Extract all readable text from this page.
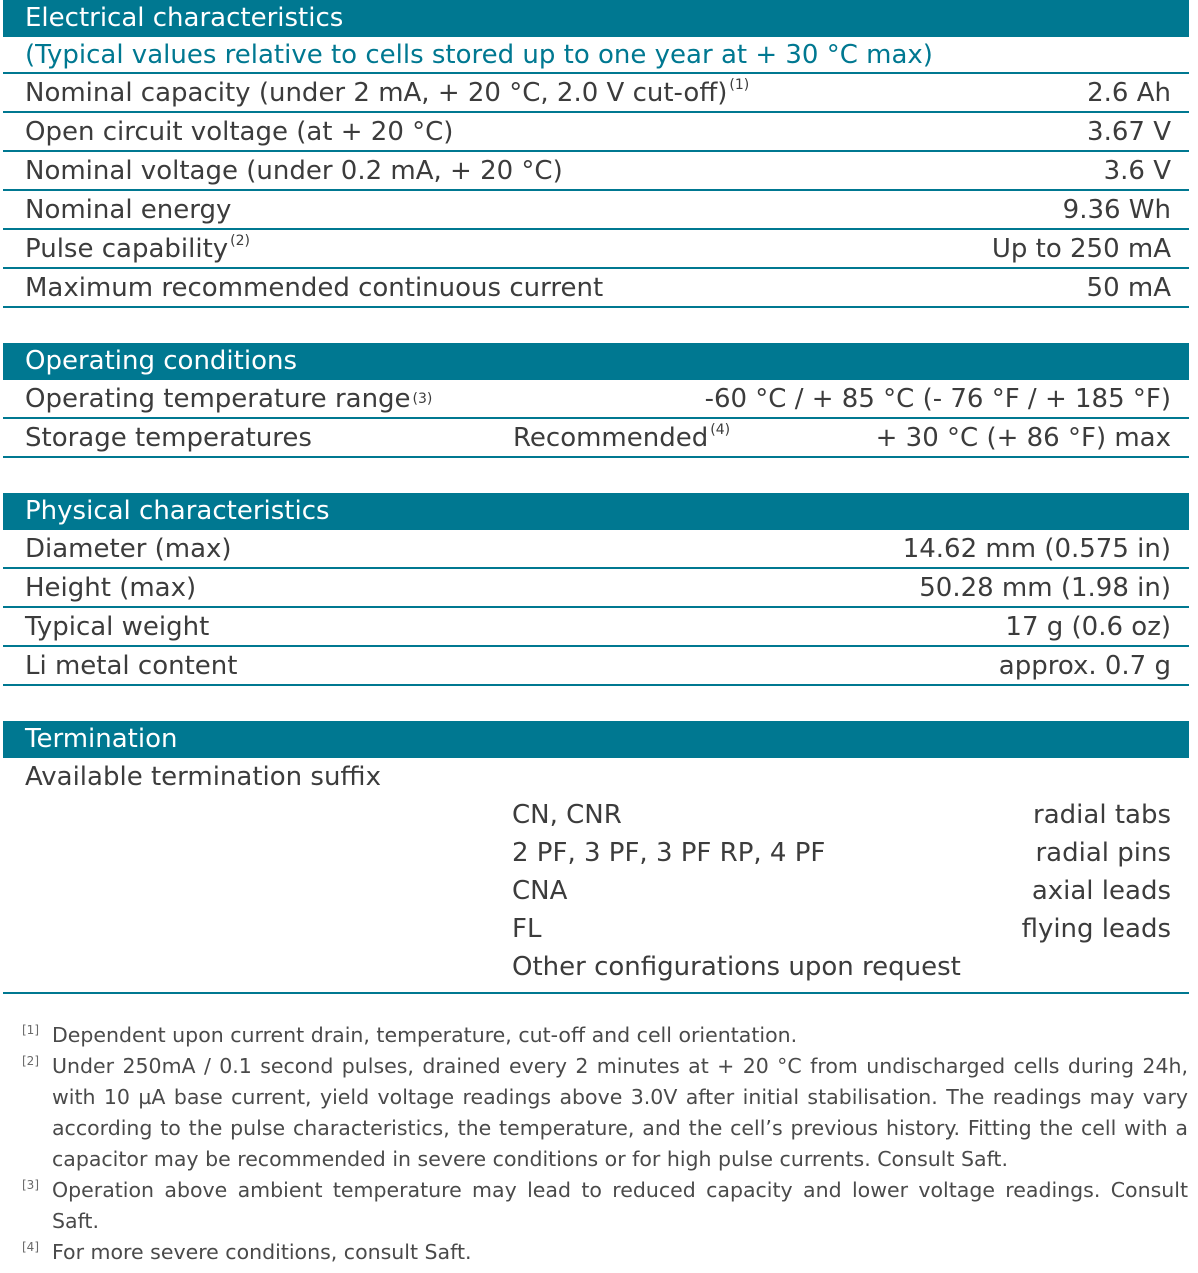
Electrical characteristics
(Typical values relative to cells stored up to one year at + 30 °C max)
Nominal capacity (under 2 mA, + 20 °C, 2.0 V cut-off) $^{(1)}$	2.6 Ah
Open circuit voltage (at + 20 °C)	3.67 V
Nominal voltage (under 0.2 mA, + 20 °C)	3.6 V
Nominal energy	9.36 Wh
Pulse capability $^{(2)}$	Up to 250 mA
Maximum recommended continuous current	50 mA
Operating conditions
Operating temperature range (3)	-60 °C / + 85 °C (- 76 °F / + 185 °F)
Storage temperatures	Recommended $^{(4)}$	+ 30 °C (+ 86 °F) max
Physical characteristics
Diameter (max)	14.62 mm (0.575 in)
Height (max)	50.28 mm (1.98 in)
Typical weight	17 g (0.6 oz)
Li metal content	approx. 0.7 g
Termination
Available termination suffix
CN, CNR	radial tabs
2 PF, 3 PF, 3 PF RP, 4 PF	radial pins
CNA	axial leads
FL	flying leads
Other configurations upon request
[1] Dependent upon current drain, temperature, cut-off and cell orientation.
[2] Under 250mA / 0.1 second pulses, drained every 2 minutes at + 20 °C from undischarged cells during 24h, with 10 µA base current, yield voltage readings above 3.0V after initial stabilisation. The readings may vary according to the pulse characteristics, the temperature, and the cell’s previous history. Fitting the cell with a capacitor may be recommended in severe conditions or for high pulse currents. Consult Saft.
[3] Operation above ambient temperature may lead to reduced capacity and lower voltage readings. Consult Saft.
[4] For more severe conditions, consult Saft.
